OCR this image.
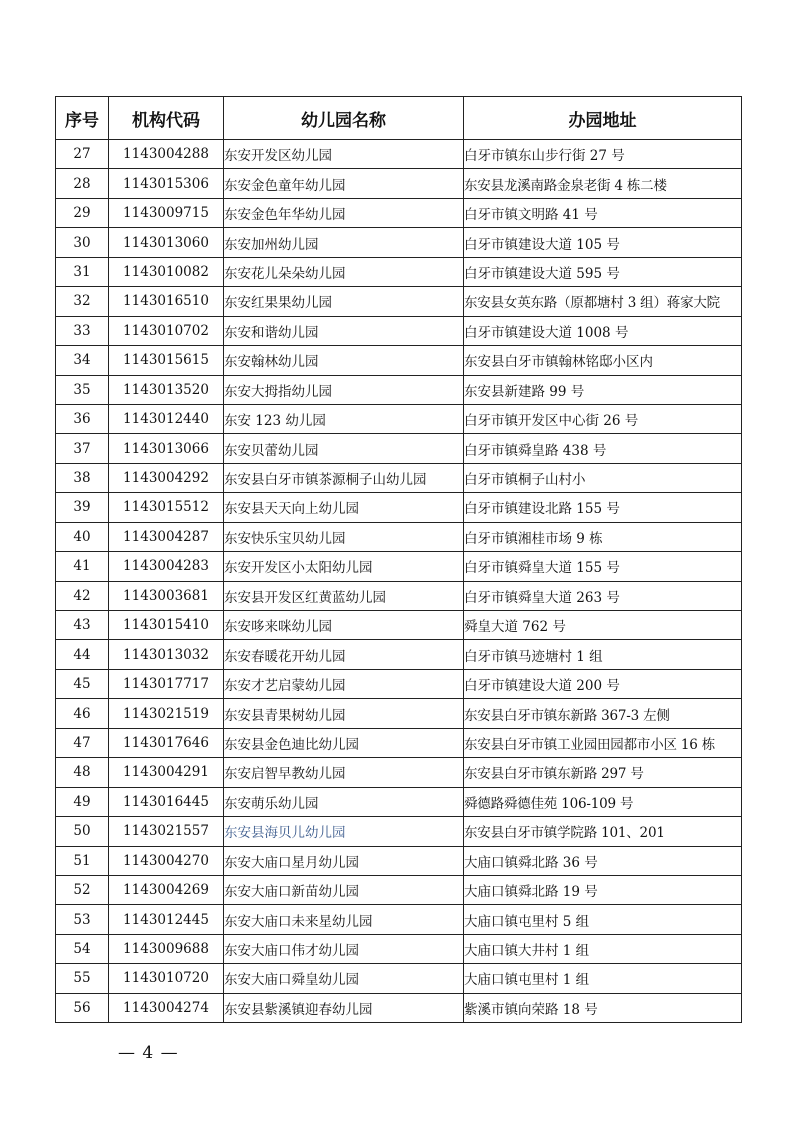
序号	机构代码	幼儿园名称	办园地址
27	1143004288	东安开发区幼儿园	白牙市镇东山步行街 27 号
28	1143015306	东安金色童年幼儿园	东安县龙溪南路金泉老街 4 栋二楼
29	1143009715	东安金色年华幼儿园	白牙市镇文明路 41 号
30	1143013060	东安加州幼儿园	白牙市镇建设大道 105 号
31	1143010082	东安花儿朵朵幼儿园	白牙市镇建设大道 595 号
32	1143016510	东安红果果幼儿园	东安县女英东路（原都塘村 3 组）蒋家大院
33	1143010702	东安和谐幼儿园	白牙市镇建设大道 1008 号
34	1143015615	东安翰林幼儿园	东安县白牙市镇翰林铭邸小区内
35	1143013520	东安大拇指幼儿园	东安县新建路 99 号
36	1143012440	东安 123 幼儿园	白牙市镇开发区中心街 26 号
37	1143013066	东安贝蕾幼儿园	白牙市镇舜皇路 438 号
38	1143004292	东安县白牙市镇茶源桐子山幼儿园	白牙市镇桐子山村小
39	1143015512	东安县天天向上幼儿园	白牙市镇建设北路 155 号
40	1143004287	东安快乐宝贝幼儿园	白牙市镇湘桂市场 9 栋
41	1143004283	东安开发区小太阳幼儿园	白牙市镇舜皇大道 155 号
42	1143003681	东安县开发区红黄蓝幼儿园	白牙市镇舜皇大道 263 号
43	1143015410	东安哆来咪幼儿园	舜皇大道 762 号
44	1143013032	东安春暖花开幼儿园	白牙市镇马迹塘村 1 组
45	1143017717	东安才艺启蒙幼儿园	白牙市镇建设大道 200 号
46	1143021519	东安县青果树幼儿园	东安县白牙市镇东新路 367-3 左侧
47	1143017646	东安县金色迪比幼儿园	东安县白牙市镇工业园田园都市小区 16 栋
48	1143004291	东安启智早教幼儿园	东安县白牙市镇东新路 297 号
49	1143016445	东安萌乐幼儿园	舜德路舜德佳苑 106-109 号
50	1143021557	东安县海贝儿幼儿园	东安县白牙市镇学院路 101、201
51	1143004270	东安大庙口星月幼儿园	大庙口镇舜北路 36 号
52	1143004269	东安大庙口新苗幼儿园	大庙口镇舜北路 19 号
53	1143012445	东安大庙口未来星幼儿园	大庙口镇屯里村 5 组
54	1143009688	东安大庙口伟才幼儿园	大庙口镇大井村 1 组
55	1143010720	东安大庙口舜皇幼儿园	大庙口镇屯里村 1 组
56	1143004274	东安县紫溪镇迎春幼儿园	紫溪市镇向荣路 18 号
— 4 —
